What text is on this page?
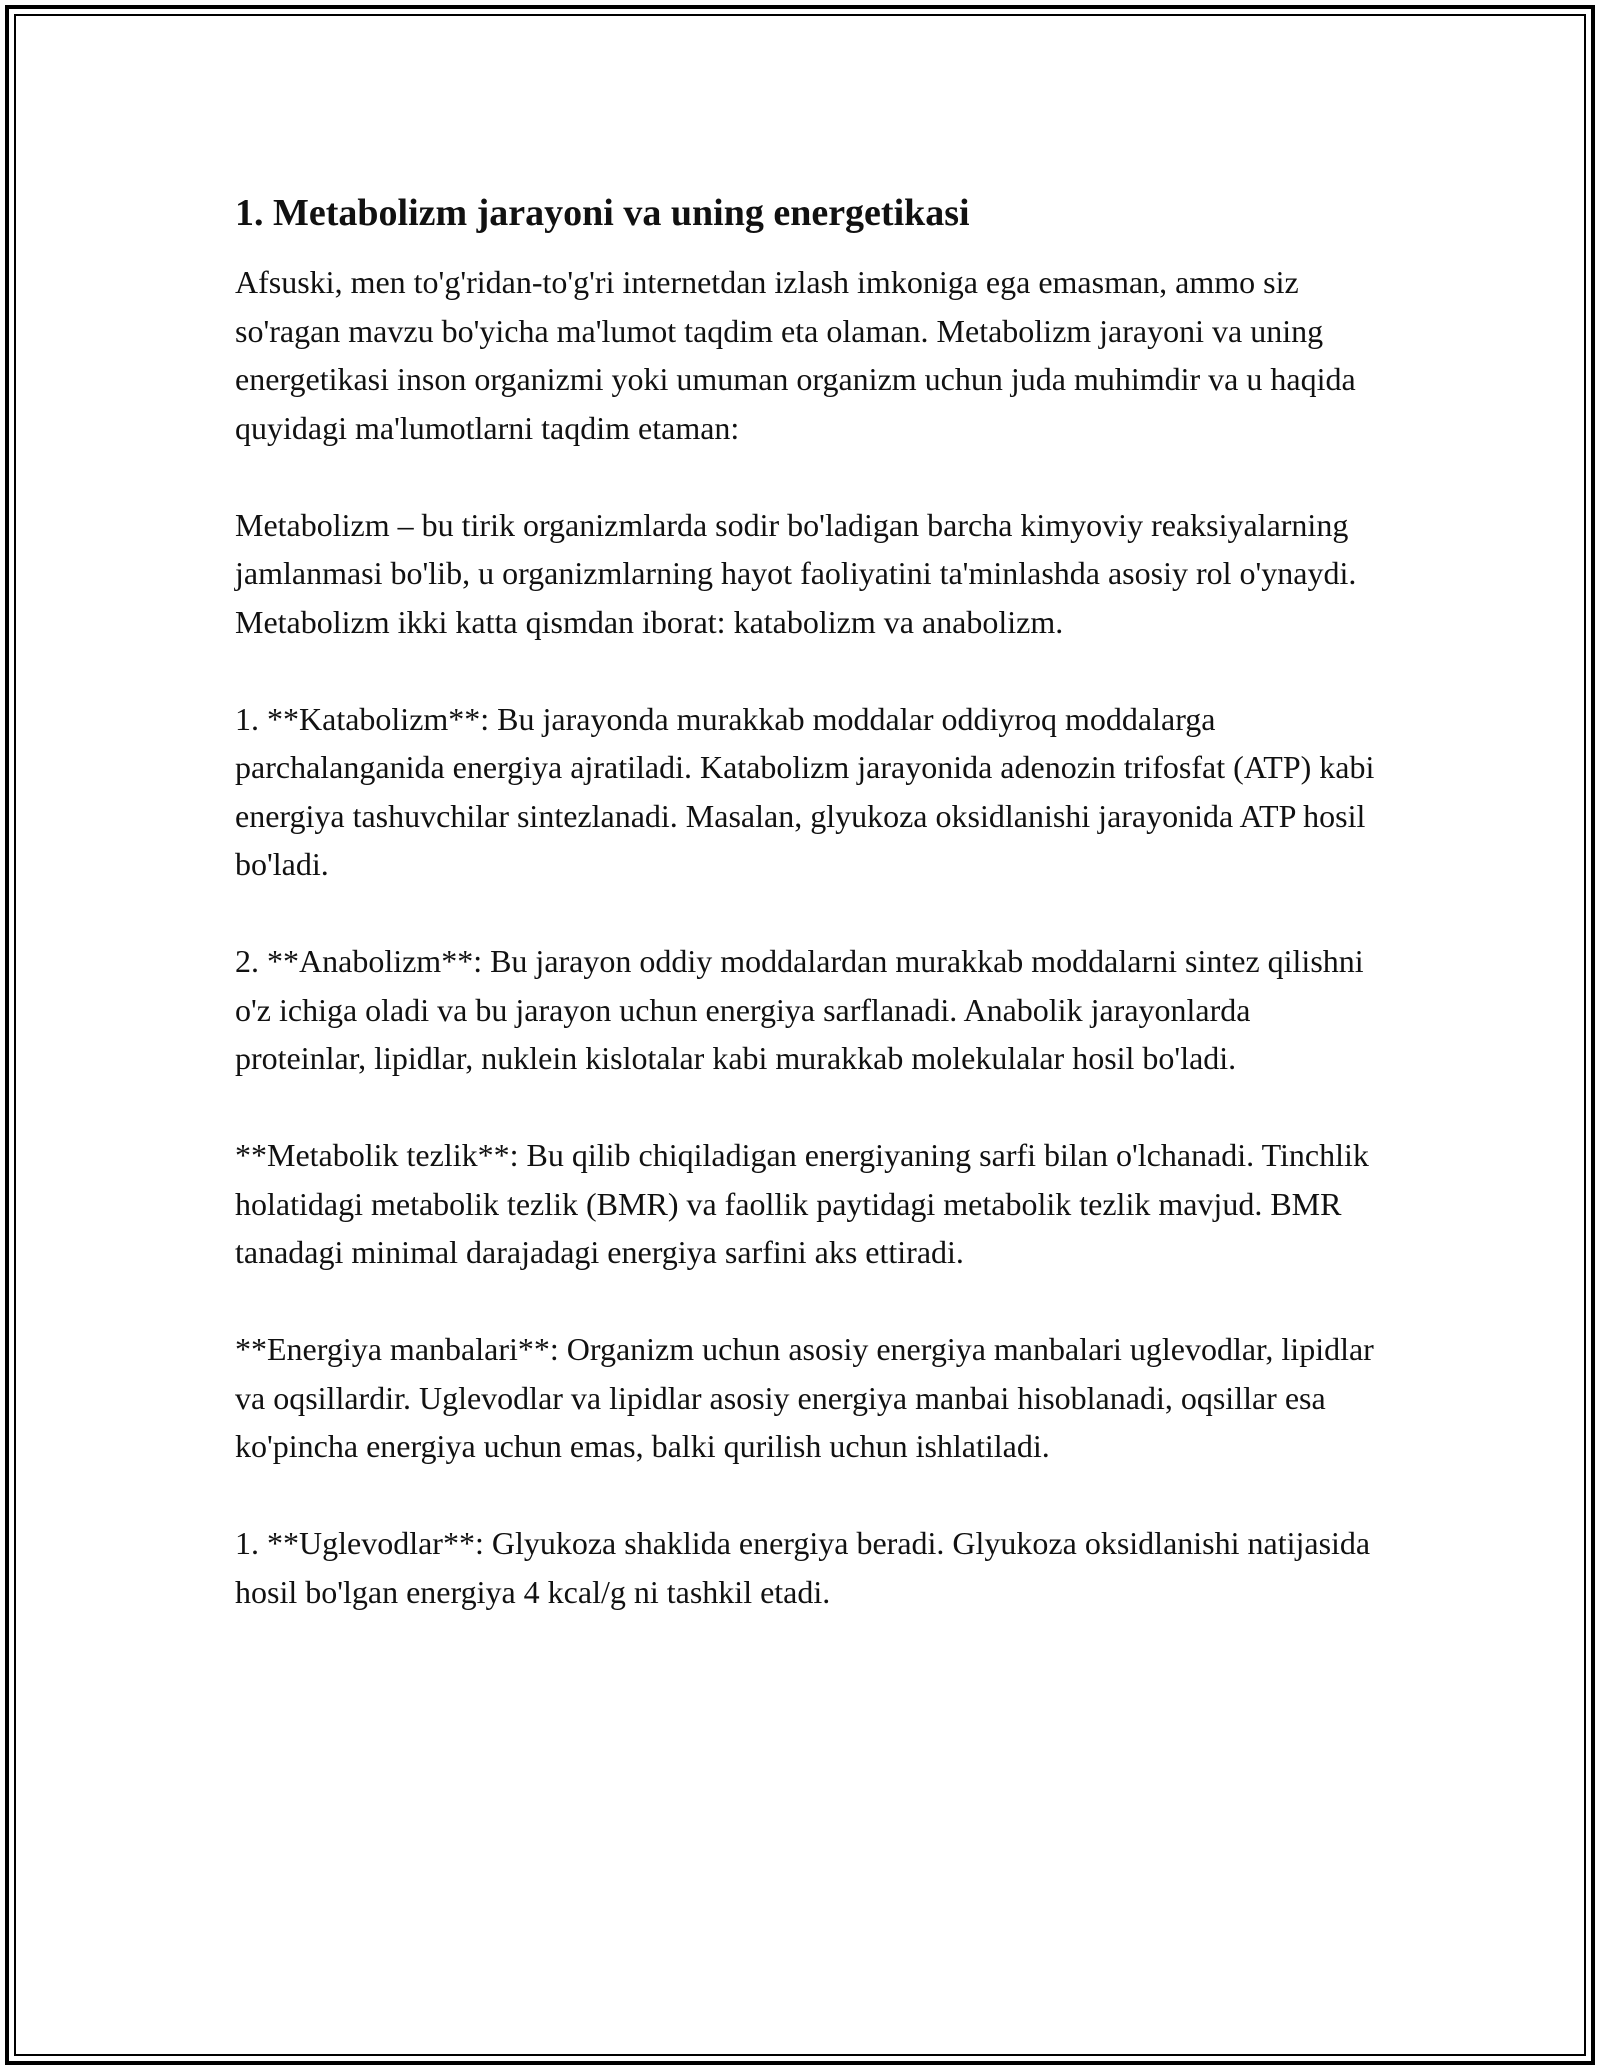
1. Metabolizm jarayoni va uning energetikasi

Afsuski, men to'g'ridan-to'g'ri internetdan izlash imkoniga ega emasman, ammo siz so'ragan mavzu bo'yicha ma'lumot taqdim eta olaman. Metabolizm jarayoni va uning energetikasi inson organizmi yoki umuman organizm uchun juda muhimdir va u haqida quyidagi ma'lumotlarni taqdim etaman:

Metabolizm – bu tirik organizmlarda sodir bo'ladigan barcha kimyoviy reaksiyalarning jamlanmasi bo'lib, u organizmlarning hayot faoliyatini ta'minlashda asosiy rol o'ynaydi. Metabolizm ikki katta qismdan iborat: katabolizm va anabolizm.

1. **Katabolizm**: Bu jarayonda murakkab moddalar oddiyroq moddalarga parchalanganida energiya ajratiladi. Katabolizm jarayonida adenozin trifosfat (ATP) kabi energiya tashuvchilar sintezlanadi. Masalan, glyukoza oksidlanishi jarayonida ATP hosil bo'ladi.

2. **Anabolizm**: Bu jarayon oddiy moddalardan murakkab moddalarni sintez qilishni o'z ichiga oladi va bu jarayon uchun energiya sarflanadi. Anabolik jarayonlarda proteinlar, lipidlar, nuklein kislotalar kabi murakkab molekulalar hosil bo'ladi.

**Metabolik tezlik**: Bu qilib chiqiladigan energiyaning sarfi bilan o'lchanadi. Tinchlik holatidagi metabolik tezlik (BMR) va faollik paytidagi metabolik tezlik mavjud. BMR tanadagi minimal darajadagi energiya sarfini aks ettiradi.

**Energiya manbalari**: Organizm uchun asosiy energiya manbalari uglevodlar, lipidlar va oqsillardir. Uglevodlar va lipidlar asosiy energiya manbai hisoblanadi, oqsillar esa ko'pincha energiya uchun emas, balki qurilish uchun ishlatiladi.

1. **Uglevodlar**: Glyukoza shaklida energiya beradi. Glyukoza oksidlanishi natijasida hosil bo'lgan energiya 4 kcal/g ni tashkil etadi.
